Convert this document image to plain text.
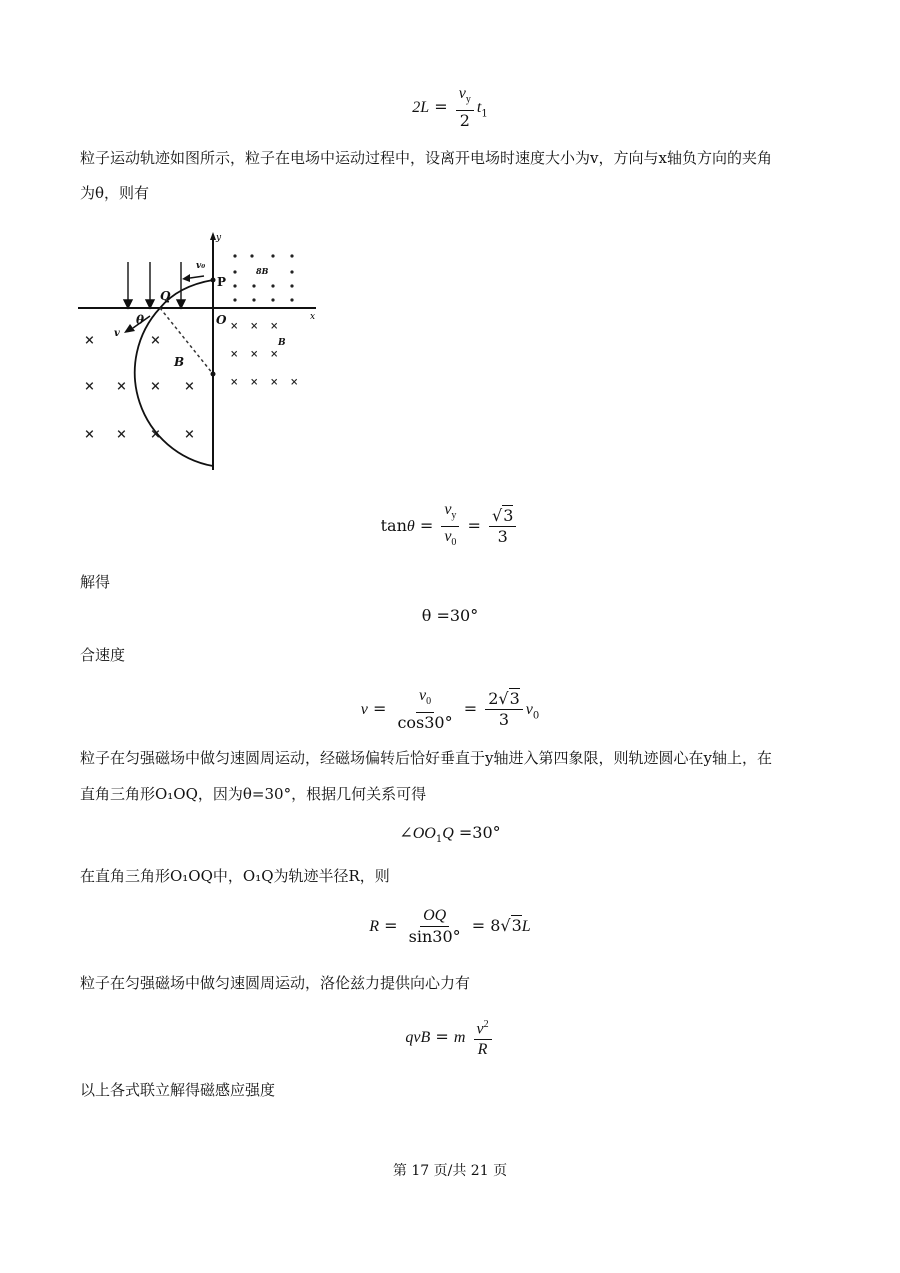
$2L = \frac{v_y}{2} t_1$
粒子运动轨迹如图所示，粒子在电场中运动过程中，设离开电场时速度大小为v，方向与x轴负方向的夹角
为θ，则有
y
x
×	×
× × × ×
× × × ×
× × ×
× × ×
× × × ×
v₀
P
Q
O
θ
v
B
B
8B
$\tan\theta = \frac{v_y}{v_0} = \frac{√3}{3}$
解得
θ =30°
合速度
$v = \frac{v_0}{\cos 30^\circ} = \frac{2√3}{3} v_0$
粒子在匀强磁场中做匀速圆周运动，经磁场偏转后恰好垂直于y轴进入第四象限，则轨迹圆心在y轴上，在
直角三角形O₁OQ，因为θ=30°，根据几何关系可得
$\angle OO_1Q =30^\circ$
在直角三角形O₁OQ中，O₁Q为轨迹半径R，则
$R = \frac{OQ}{\sin 30^\circ} = 8√3L$
粒子在匀强磁场中做匀速圆周运动，洛伦兹力提供向心力有
qvB = m $\frac{v^2}{R}$
以上各式联立解得磁感应强度
第 17 页/共 21 页
